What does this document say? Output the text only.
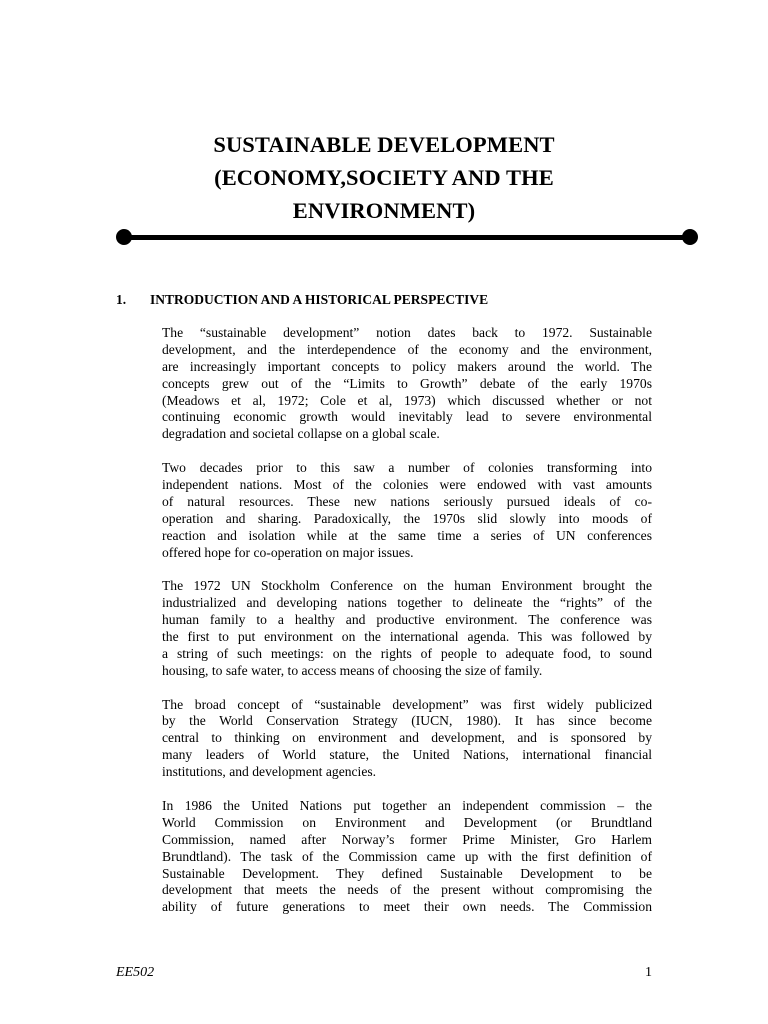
SUSTAINABLE DEVELOPMENT
(ECONOMY,SOCIETY AND THE
ENVIRONMENT)
1. INTRODUCTION AND A HISTORICAL PERSPECTIVE
The “sustainable development” notion dates back to 1972. Sustainable
development, and the interdependence of the economy and the environment,
are increasingly important concepts to policy makers around the world. The
concepts grew out of the “Limits to Growth” debate of the early 1970s
(Meadows et al, 1972; Cole et al, 1973) which discussed whether or not
continuing economic growth would inevitably lead to severe environmental
degradation and societal collapse on a global scale.
Two decades prior to this saw a number of colonies transforming into
independent nations. Most of the colonies were endowed with vast amounts
of natural resources. These new nations seriously pursued ideals of co-
operation and sharing. Paradoxically, the 1970s slid slowly into moods of
reaction and isolation while at the same time a series of UN conferences
offered hope for co-operation on major issues.
The 1972 UN Stockholm Conference on the human Environment brought the
industrialized and developing nations together to delineate the “rights” of the
human family to a healthy and productive environment. The conference was
the first to put environment on the international agenda. This was followed by
a string of such meetings: on the rights of people to adequate food, to sound
housing, to safe water, to access means of choosing the size of family.
The broad concept of “sustainable development” was first widely publicized
by the World Conservation Strategy (IUCN, 1980). It has since become
central to thinking on environment and development, and is sponsored by
many leaders of World stature, the United Nations, international financial
institutions, and development agencies.
In 1986 the United Nations put together an independent commission – the
World Commission on Environment and Development (or Brundtland
Commission, named after Norway’s former Prime Minister, Gro Harlem
Brundtland). The task of the Commission came up with the first definition of
Sustainable Development. They defined Sustainable Development to be
development that meets the needs of the present without compromising the
ability of future generations to meet their own needs. The Commission
EE502	1
